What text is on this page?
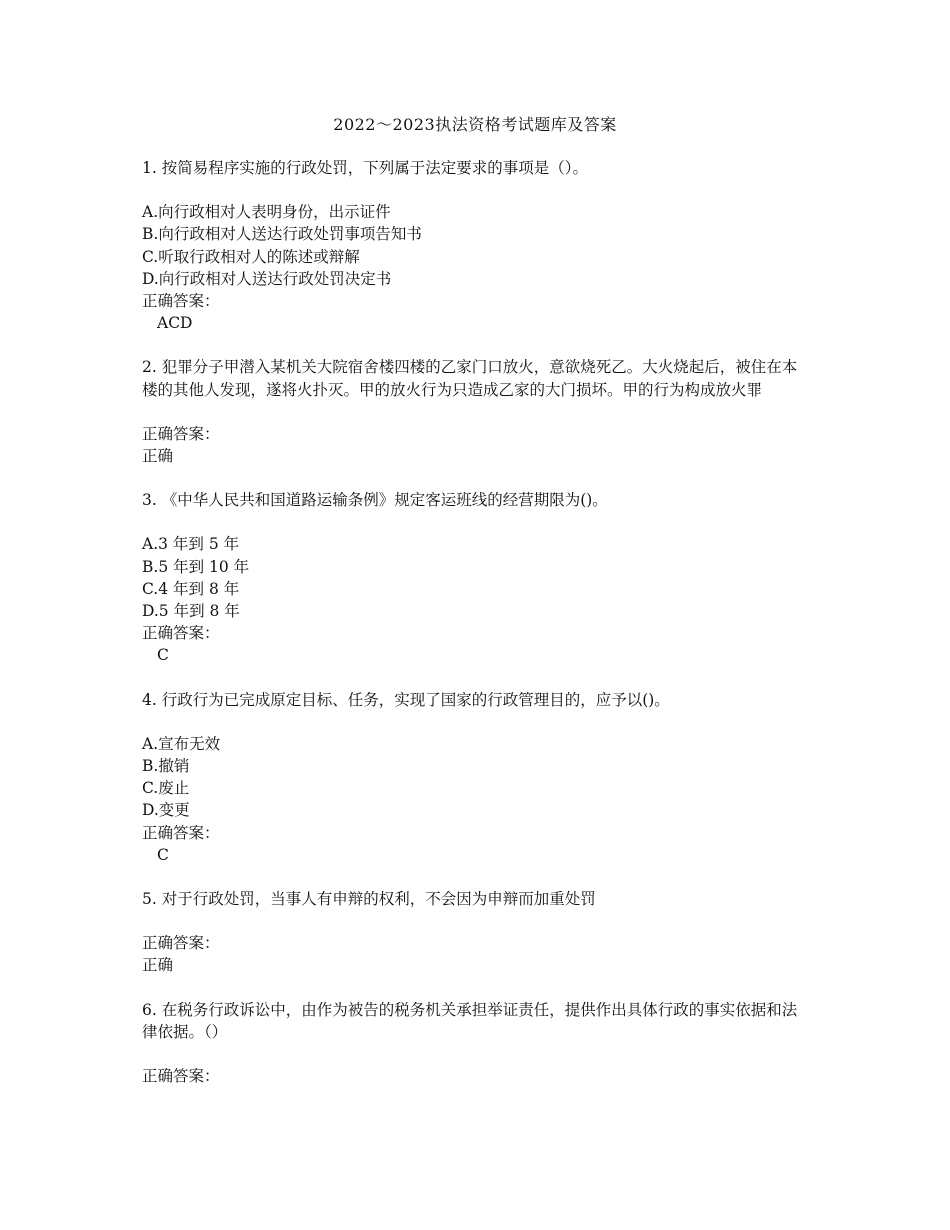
2022～2023执法资格考试题库及答案

1. 按简易程序实施的行政处罚，下列属于法定要求的事项是（）。

A.向行政相对人表明身份，出示证件

B.向行政相对人送达行政处罚事项告知书

C.听取行政相对人的陈述或辩解

D.向行政相对人送达行政处罚决定书

正确答案：

ACD

2. 犯罪分子甲潜入某机关大院宿舍楼四楼的乙家门口放火，意欲烧死乙。大火烧起后，被住在本楼的其他人发现，遂将火扑灭。甲的放火行为只造成乙家的大门损坏。甲的行为构成放火罪

正确答案：

正确

3. 《中华人民共和国道路运输条例》规定客运班线的经营期限为()。

A.3 年到 5 年

B.5 年到 10 年

C.4 年到 8 年

D.5 年到 8 年

正确答案：

C

4. 行政行为已完成原定目标、任务，实现了国家的行政管理目的，应予以()。

A.宣布无效

B.撤销

C.废止

D.变更

正确答案：

C

5. 对于行政处罚，当事人有申辩的权利，不会因为申辩而加重处罚

正确答案：

正确

6. 在税务行政诉讼中，由作为被告的税务机关承担举证责任，提供作出具体行政的事实依据和法律依据。（）

正确答案：
